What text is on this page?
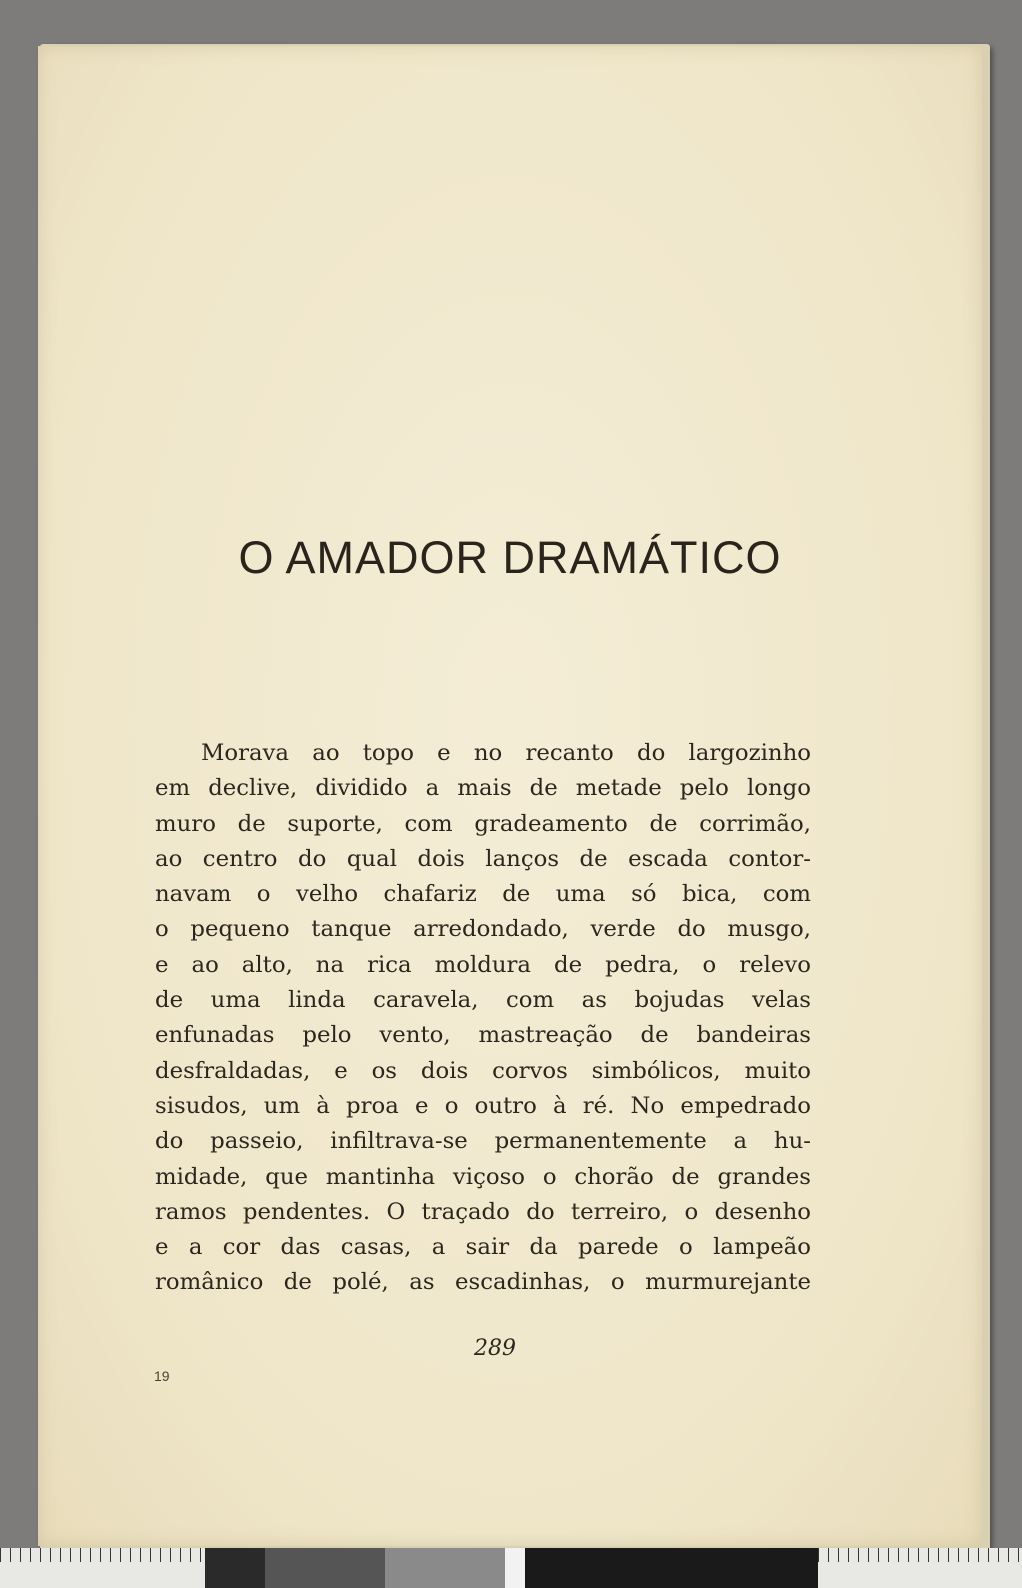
O AMADOR DRAMÁTICO
Morava ao topo e no recanto do largozinho
em declive, dividido a mais de metade pelo longo
muro de suporte, com gradeamento de corrimão,
ao centro do qual dois lanços de escada contor-
navam o velho chafariz de uma só bica, com
o pequeno tanque arredondado, verde do musgo,
e ao alto, na rica moldura de pedra, o relevo
de uma linda caravela, com as bojudas velas
enfunadas pelo vento, mastreação de bandeiras
desfraldadas, e os dois corvos simbólicos, muito
sisudos, um à proa e o outro à ré. No empedrado
do passeio, infiltrava-se permanentemente a hu-
midade, que mantinha viçoso o chorão de grandes
ramos pendentes. O traçado do terreiro, o desenho
e a cor das casas, a sair da parede o lampeão
românico de polé, as escadinhas, o murmurejante
289
19
